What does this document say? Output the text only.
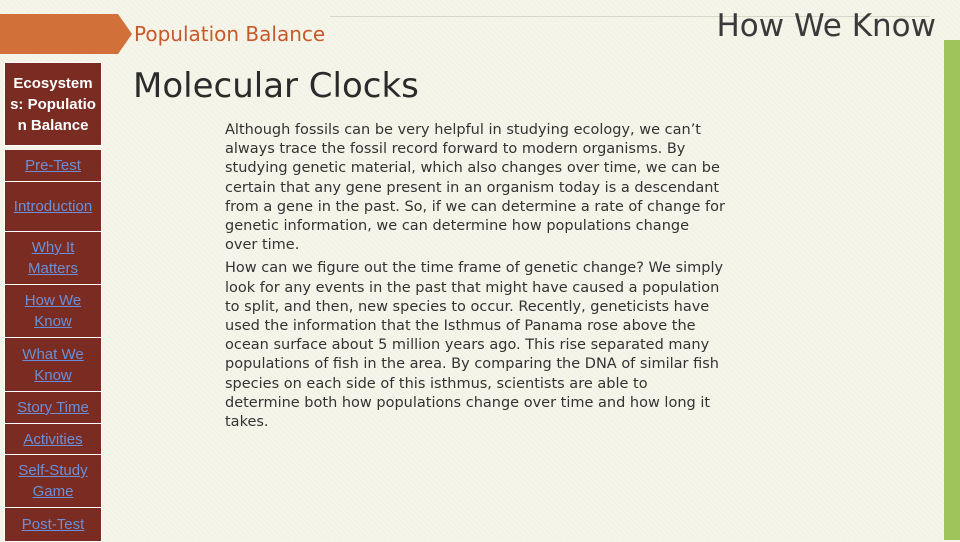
Population Balance	How We Know
Ecosystems: Population Balance
Pre-Test
Introduction
Why It Matters
How We Know
What We Know
Story Time
Activities
Self-Study Game
Post-Test
Molecular Clocks

Although fossils can be very helpful in studying ecology, we can’t always trace the fossil record forward to modern organisms. By studying genetic material, which also changes over time, we can be certain that any gene present in an organism today is a descendant from a gene in the past. So, if we can determine a rate of change for genetic information, we can determine how populations change over time.

How can we figure out the time frame of genetic change? We simply look for any events in the past that might have caused a population to split, and then, new species to occur. Recently, geneticists have used the information that the Isthmus of Panama rose above the ocean surface about 5 million years ago. This rise separated many populations of fish in the area. By comparing the DNA of similar fish species on each side of this isthmus, scientists are able to determine both how populations change over time and how long it takes.
